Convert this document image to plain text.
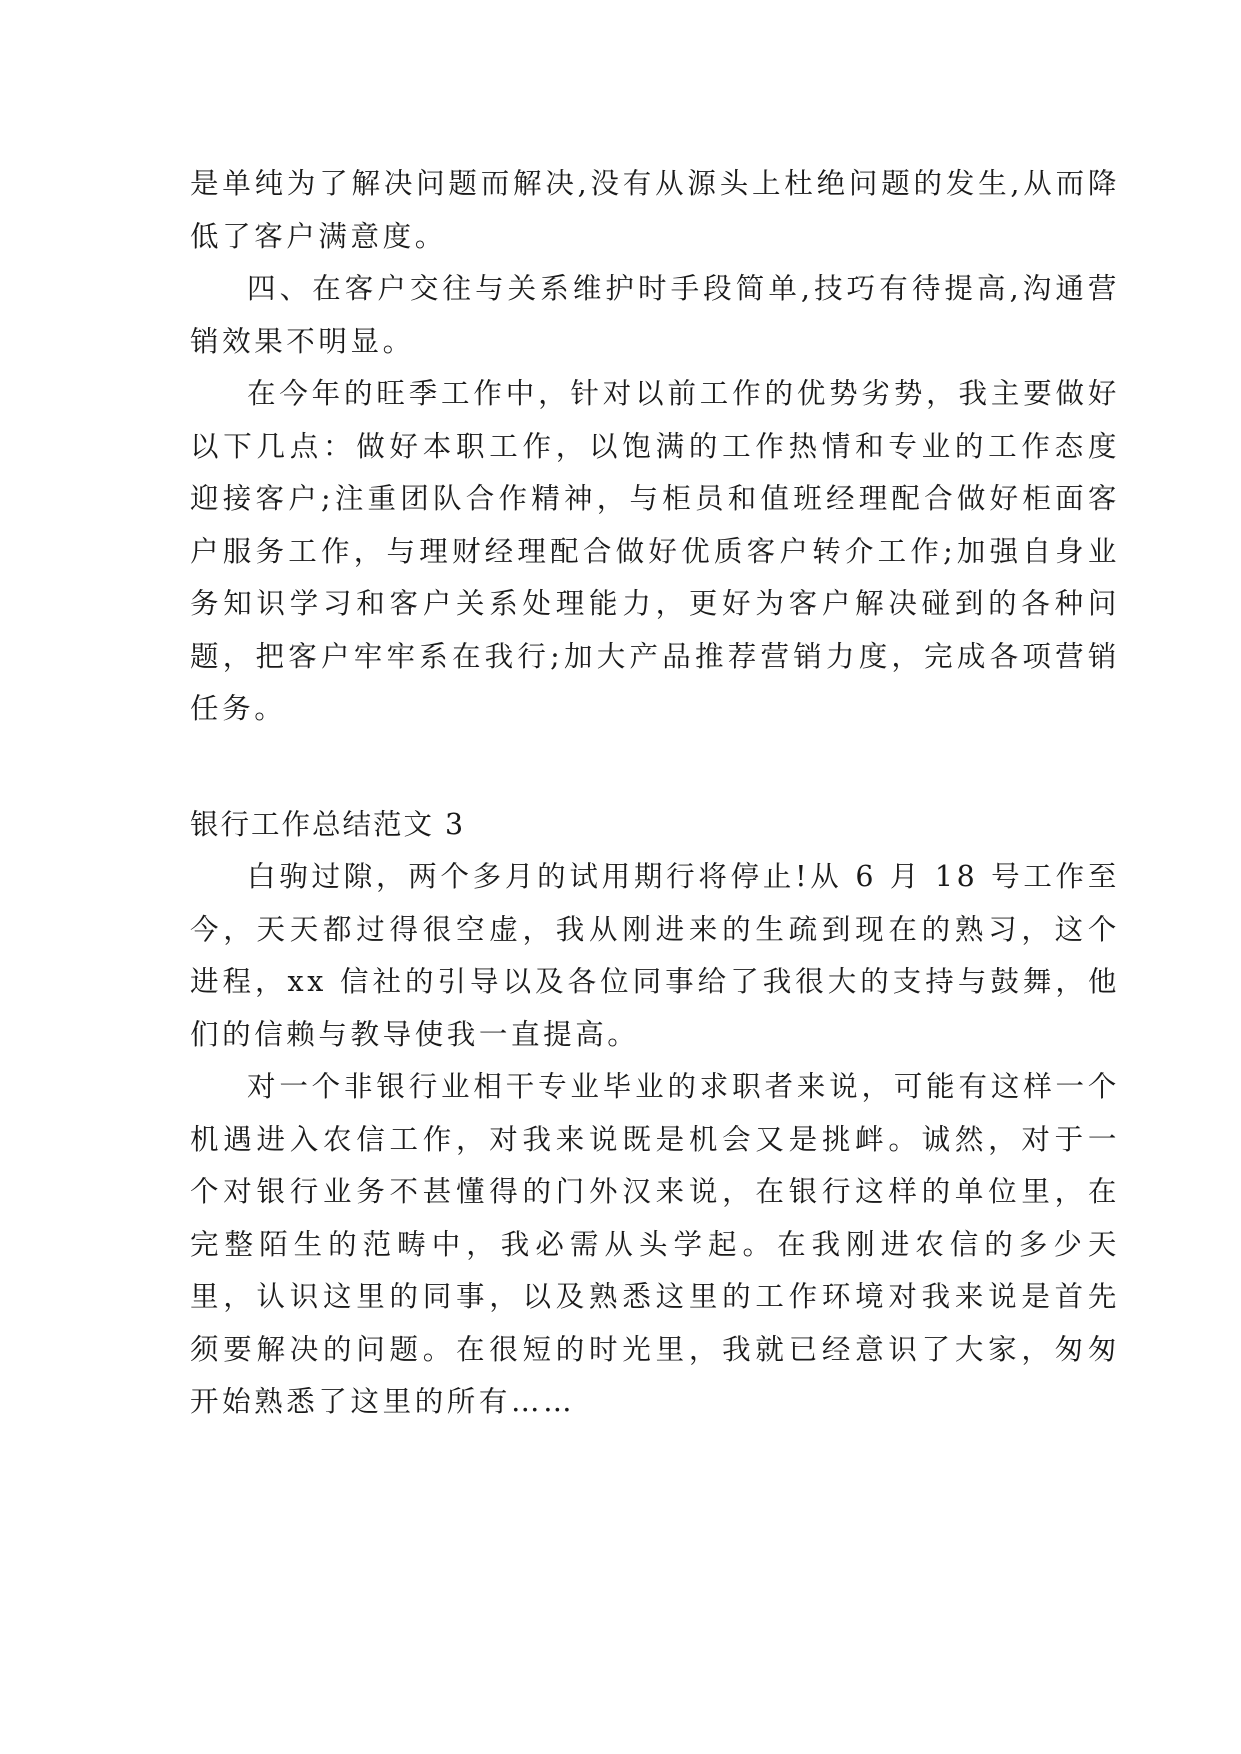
是单纯为了解决问题而解决,没有从源头上杜绝问题的发生,从而降低了客户满意度。

四、在客户交往与关系维护时手段简单,技巧有待提高,沟通营销效果不明显。

在今年的旺季工作中，针对以前工作的优势劣势，我主要做好以下几点：做好本职工作，以饱满的工作热情和专业的工作态度迎接客户;注重团队合作精神，与柜员和值班经理配合做好柜面客户服务工作，与理财经理配合做好优质客户转介工作;加强自身业务知识学习和客户关系处理能力，更好为客户解决碰到的各种问题，把客户牢牢系在我行;加大产品推荐营销力度，完成各项营销任务。

银行工作总结范文 3

白驹过隙，两个多月的试用期行将停止!从 6 月 18 号工作至今，天天都过得很空虚，我从刚进来的生疏到现在的熟习，这个进程，xx 信社的引导以及各位同事给了我很大的支持与鼓舞，他们的信赖与教导使我一直提高。

对一个非银行业相干专业毕业的求职者来说，可能有这样一个机遇进入农信工作，对我来说既是机会又是挑衅。诚然，对于一个对银行业务不甚懂得的门外汉来说，在银行这样的单位里，在完整陌生的范畴中，我必需从头学起。在我刚进农信的多少天里，认识这里的同事，以及熟悉这里的工作环境对我来说是首先须要解决的问题。在很短的时光里，我就已经意识了大家，匆匆开始熟悉了这里的所有……
